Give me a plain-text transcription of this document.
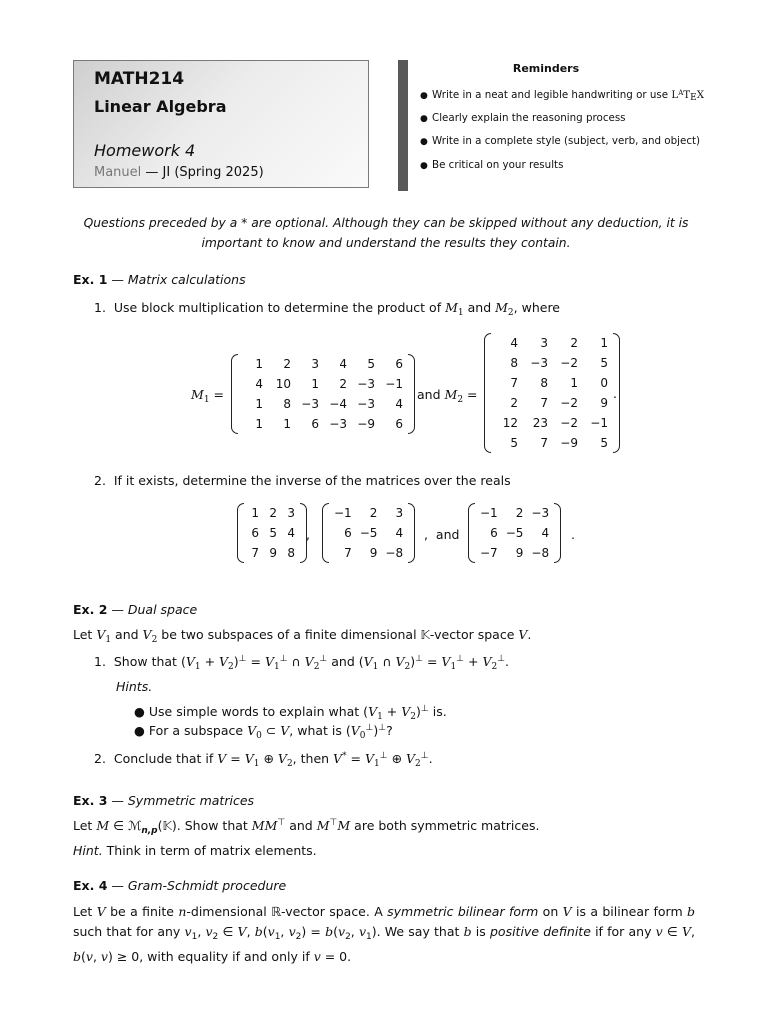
MATH214
Linear Algebra
Homework 4
Manuel — JI (Spring 2025)
Reminders
● Write in a neat and legible handwriting or use $L^AT_EX$
● Clearly explain the reasoning process
● Write in a complete style (subject, verb, and object)
● Be critical on your results
Questions preceded by a * are optional. Although they can be skipped without any deduction, it is important to know and understand the results they contain.
Ex. 1 — Matrix calculations
1.  Use block multiplication to determine the product of $M_1$ and $M_2$, where
$M_1$ =
1	2	3	4	5	6
4	10	1	2	−3	−1
1	8	−3	−4	−3	4
1	1	6	−3	−9	6
and $M_2$ =
4	3	2	1
8	−3	−2	5
7	8	1	0
2	7	−2	9
12	23	−2	−1
5	7	−9	5
.
2.  If it exists, determine the inverse of the matrices over the reals
1	2	3
6	5	4
7	9	8
,
−1	2	3
6	−5	4
7	9	−8
,  and
−1	2	−3
6	−5	4
−7	9	−8
.
Ex. 2 — Dual space
Let $V_1$ and $V_2$ be two subspaces of a finite dimensional 𝕂-vector space V.
1.  Show that $(V_1 + V_2)^\perp = V_1^\perp$ ∩ $V_2^\perp$ and ($V_1$ ∩ $V_2)^\perp = V_1^\perp + V_2^\perp$.
Hints.
● Use simple words to explain what $(V_1 + V_2)^\perp$ is.
● For a subspace $V_0$ ⊂ V, what is $(V_0^\perp)^\perp$?
2.  Conclude that if $V = V_1$ ⊕ $V_2$, then $V^* = V_1^\perp$ ⊕ $V_2^\perp$.
Ex. 3 — Symmetric matrices
Let M ∈ ℳ$_{n,p}$(𝕂). Show that MM⊤ and M⊤M are both symmetric matrices.
Hint. Think in term of matrix elements.
Ex. 4 — Gram-Schmidt procedure
Let V be a finite n-dimensional ℝ-vector space. A symmetric bilinear form on V is a bilinear form b such that for any $v_1$, $v_2$ ∈ V, $b(v_1$, $v_2) = b(v_2$, $v_1$). We say that b is positive definite if for any v ∈ V, b(v, v) ≥ 0, with equality if and only if v = 0.
